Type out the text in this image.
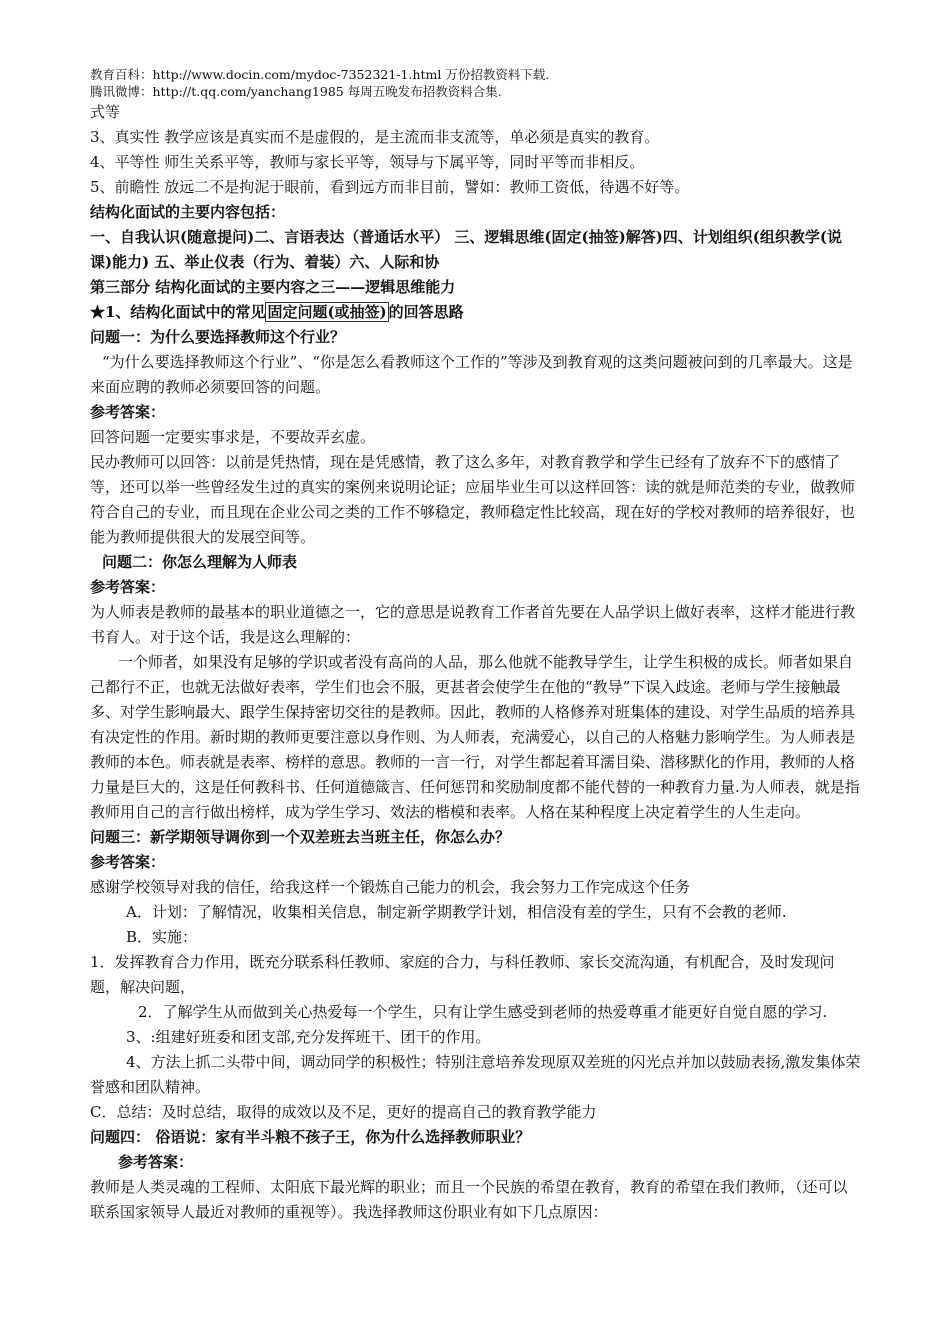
教育百科：http://www.docin.com/mydoc-7352321-1.html 万份招教资料下载.
腾讯微博：http://t.qq.com/yanchang1985 每周五晚发布招教资料合集.

式等

3、真实性 教学应该是真实而不是虚假的，是主流而非支流等，单必须是真实的教育。

4、平等性 师生关系平等，教师与家长平等，领导与下属平等，同时平等而非相反。

5、前瞻性 放远二不是拘泥于眼前，看到远方而非目前，譬如：教师工资低，待遇不好等。

结构化面试的主要内容包括：

一、自我认识(随意提问)二、言语表达（普通话水平） 三、逻辑思维(固定(抽签)解答)四、计划组织(组织教学(说课)能力) 五、举止仪表（行为、着装）六、人际和协

第三部分 结构化面试的主要内容之三——逻辑思维能力

★1、结构化面试中的常见 固定问题(或抽签) 的回答思路

问题一：为什么要选择教师这个行业？

“为什么要选择教师这个行业”、“你是怎么看教师这个工作的”等涉及到教育观的这类问题被问到的几率最大。这是来面应聘的教师必须要回答的问题。

参考答案：

回答问题一定要实事求是，不要故弄玄虚。

民办教师可以回答：以前是凭热情，现在是凭感情，教了这么多年，对教育教学和学生已经有了放弃不下的感情了等，还可以举一些曾经发生过的真实的案例来说明论证；应届毕业生可以这样回答：读的就是师范类的专业，做教师符合自己的专业，而且现在企业公司之类的工作不够稳定，教师稳定性比较高，现在好的学校对教师的培养很好，也能为教师提供很大的发展空间等。

问题二：你怎么理解为人师表

参考答案：

为人师表是教师的最基本的职业道德之一，它的意思是说教育工作者首先要在人品学识上做好表率，这样才能进行教书育人。对于这个话，我是这么理解的：

一个师者，如果没有足够的学识或者没有高尚的人品，那么他就不能教导学生，让学生积极的成长。师者如果自己都行不正，也就无法做好表率，学生们也会不服，更甚者会使学生在他的“教导”下误入歧途。老师与学生接触最多、对学生影响最大、跟学生保持密切交往的是教师。因此，教师的人格修养对班集体的建设、对学生品质的培养具有决定性的作用。新时期的教师更要注意以身作则、为人师表，充满爱心，以自己的人格魅力影响学生。为人师表是教师的本色。师表就是表率、榜样的意思。教师的一言一行，对学生都起着耳濡目染、潜移默化的作用，教师的人格力量是巨大的，这是任何教科书、任何道德箴言、任何惩罚和奖励制度都不能代替的一种教育力量.为人师表，就是指教师用自己的言行做出榜样，成为学生学习、效法的楷模和表率。人格在某种程度上决定着学生的人生走向。

问题三：新学期领导调你到一个双差班去当班主任，你怎么办？

参考答案：

感谢学校领导对我的信任，给我这样一个锻炼自己能力的机会，我会努力工作完成这个任务

A．计划：了解情况，收集相关信息，制定新学期教学计划，相信没有差的学生，只有不会教的老师.

B．实施：

1．发挥教育合力作用，既充分联系科任教师、家庭的合力，与科任教师、家长交流沟通，有机配合，及时发现问题，解决问题，

2．了解学生从而做到关心热爱每一个学生，只有让学生感受到老师的热爱尊重才能更好自觉自愿的学习.

3、:组建好班委和团支部,充分发挥班干、团干的作用。

4、方法上抓二头带中间，调动同学的积极性；特别注意培养发现原双差班的闪光点并加以鼓励表扬,激发集体荣誉感和团队精神。

C．总结：及时总结，取得的成效以及不足，更好的提高自己的教育教学能力

问题四： 俗语说：家有半斗粮不孩子王，你为什么选择教师职业？

参考答案：

教师是人类灵魂的工程师、太阳底下最光辉的职业；而且一个民族的希望在教育，教育的希望在我们教师，（还可以联系国家领导人最近对教师的重视等）。我选择教师这份职业有如下几点原因：
